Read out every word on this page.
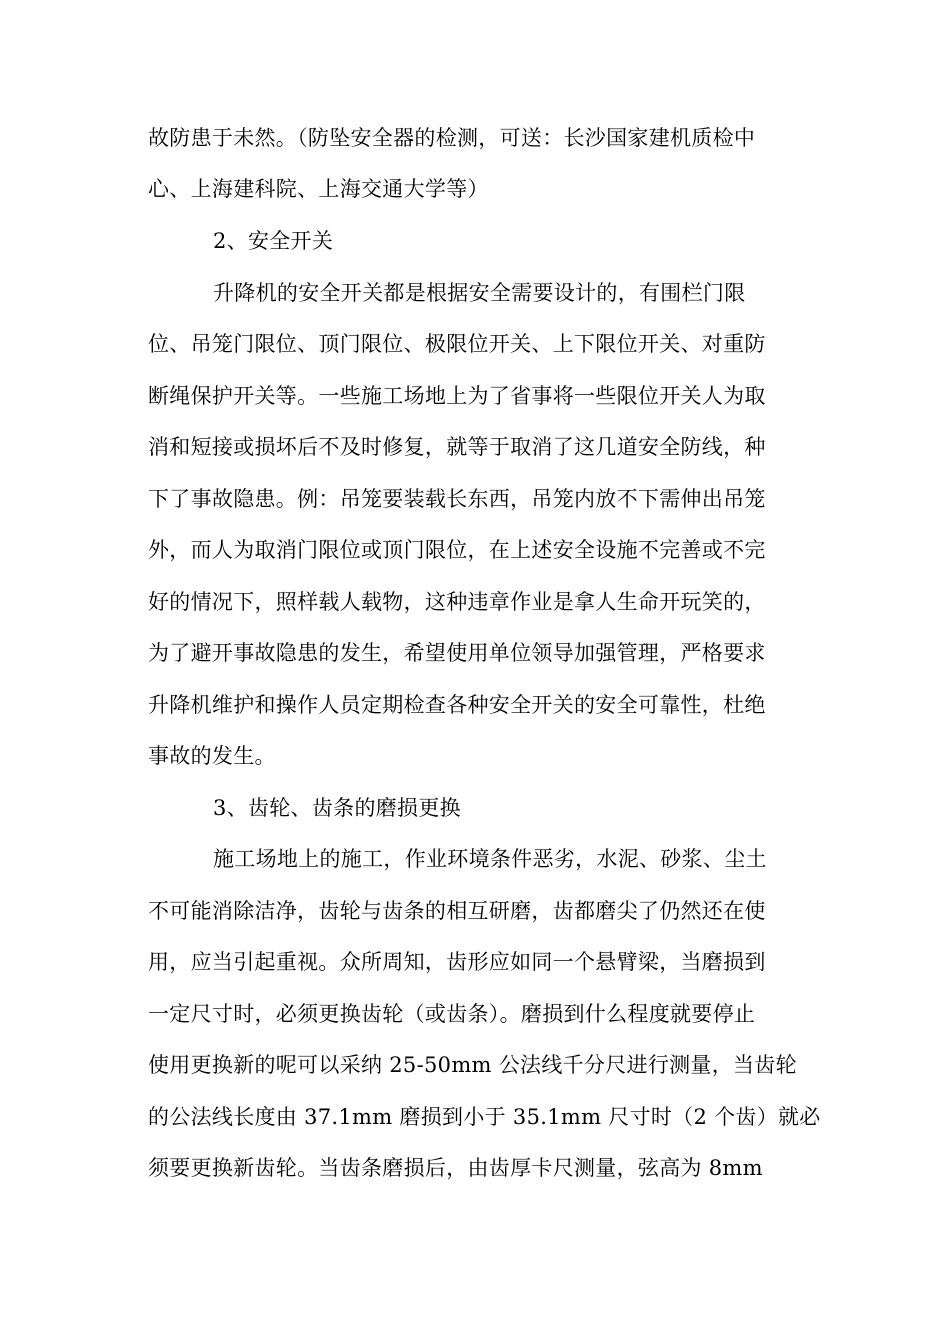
故防患于未然。（防坠安全器的检测，可送：长沙国家建机质检中
心、上海建科院、上海交通大学等）
2、安全开关
升降机的安全开关都是根据安全需要设计的，有围栏门限
位、吊笼门限位、顶门限位、极限位开关、上下限位开关、对重防
断绳保护开关等。一些施工场地上为了省事将一些限位开关人为取
消和短接或损坏后不及时修复，就等于取消了这几道安全防线，种
下了事故隐患。例：吊笼要装载长东西，吊笼内放不下需伸出吊笼
外，而人为取消门限位或顶门限位，在上述安全设施不完善或不完
好的情况下，照样载人载物，这种违章作业是拿人生命开玩笑的，
为了避开事故隐患的发生，希望使用单位领导加强管理，严格要求
升降机维护和操作人员定期检查各种安全开关的安全可靠性，杜绝
事故的发生。
3、齿轮、齿条的磨损更换
施工场地上的施工，作业环境条件恶劣，水泥、砂浆、尘土
不可能消除洁净，齿轮与齿条的相互研磨，齿都磨尖了仍然还在使
用，应当引起重视。众所周知，齿形应如同一个悬臂梁，当磨损到
一定尺寸时，必须更换齿轮（或齿条）。磨损到什么程度就要停止
使用更换新的呢可以采纳 25-50mm 公法线千分尺进行测量，当齿轮
的公法线长度由 37.1mm 磨损到小于 35.1mm 尺寸时（2 个齿）就必
须要更换新齿轮。当齿条磨损后，由齿厚卡尺测量，弦高为 8mm
